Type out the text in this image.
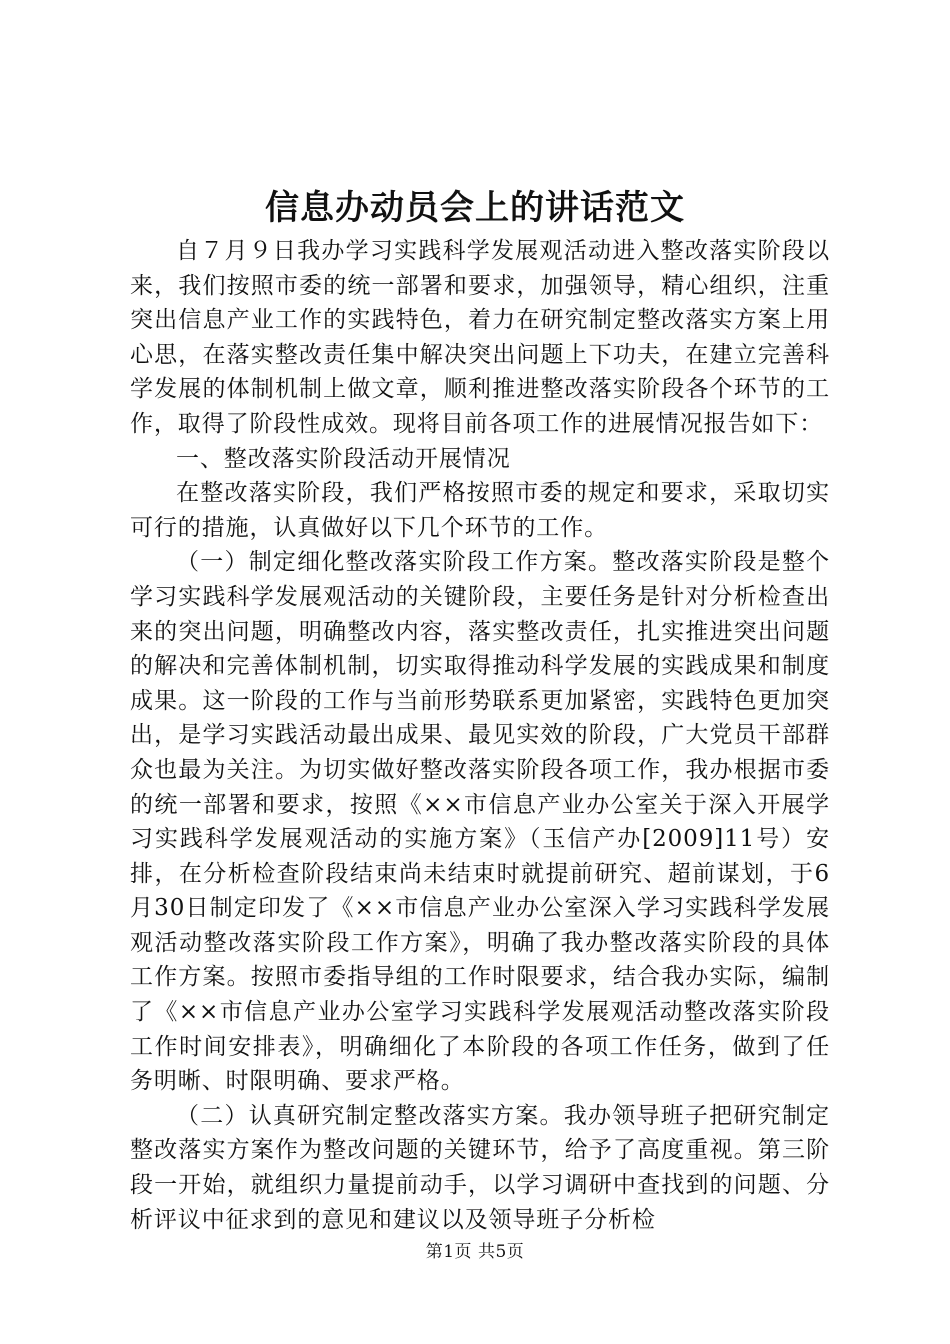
信息办动员会上的讲话范文

自７月９日我办学习实践科学发展观活动进入整改落实阶段以来，我们按照市委的统一部署和要求，加强领导，精心组织，注重突出信息产业工作的实践特色，着力在研究制定整改落实方案上用心思，在落实整改责任集中解决突出问题上下功夫，在建立完善科学发展的体制机制上做文章，顺利推进整改落实阶段各个环节的工作，取得了阶段性成效。现将目前各项工作的进展情况报告如下：

一、整改落实阶段活动开展情况

在整改落实阶段，我们严格按照市委的规定和要求，采取切实可行的措施，认真做好以下几个环节的工作。

（一）制定细化整改落实阶段工作方案。整改落实阶段是整个学习实践科学发展观活动的关键阶段，主要任务是针对分析检查出来的突出问题，明确整改内容，落实整改责任，扎实推进突出问题的解决和完善体制机制，切实取得推动科学发展的实践成果和制度成果。这一阶段的工作与当前形势联系更加紧密，实践特色更加突出，是学习实践活动最出成果、最见实效的阶段，广大党员干部群众也最为关注。为切实做好整改落实阶段各项工作，我办根据市委的统一部署和要求，按照《××市信息产业办公室关于深入开展学习实践科学发展观活动的实施方案》（玉信产办[2009]11号）安排，在分析检查阶段结束尚未结束时就提前研究、超前谋划，于6月30日制定印发了《××市信息产业办公室深入学习实践科学发展观活动整改落实阶段工作方案》，明确了我办整改落实阶段的具体工作方案。按照市委指导组的工作时限要求，结合我办实际，编制了《××市信息产业办公室学习实践科学发展观活动整改落实阶段工作时间安排表》，明确细化了本阶段的各项工作任务，做到了任务明晰、时限明确、要求严格。

（二）认真研究制定整改落实方案。我办领导班子把研究制定整改落实方案作为整改问题的关键环节，给予了高度重视。第三阶段一开始，就组织力量提前动手，以学习调研中查找到的问题、分析评议中征求到的意见和建议以及领导班子分析检

第1页 共5页
